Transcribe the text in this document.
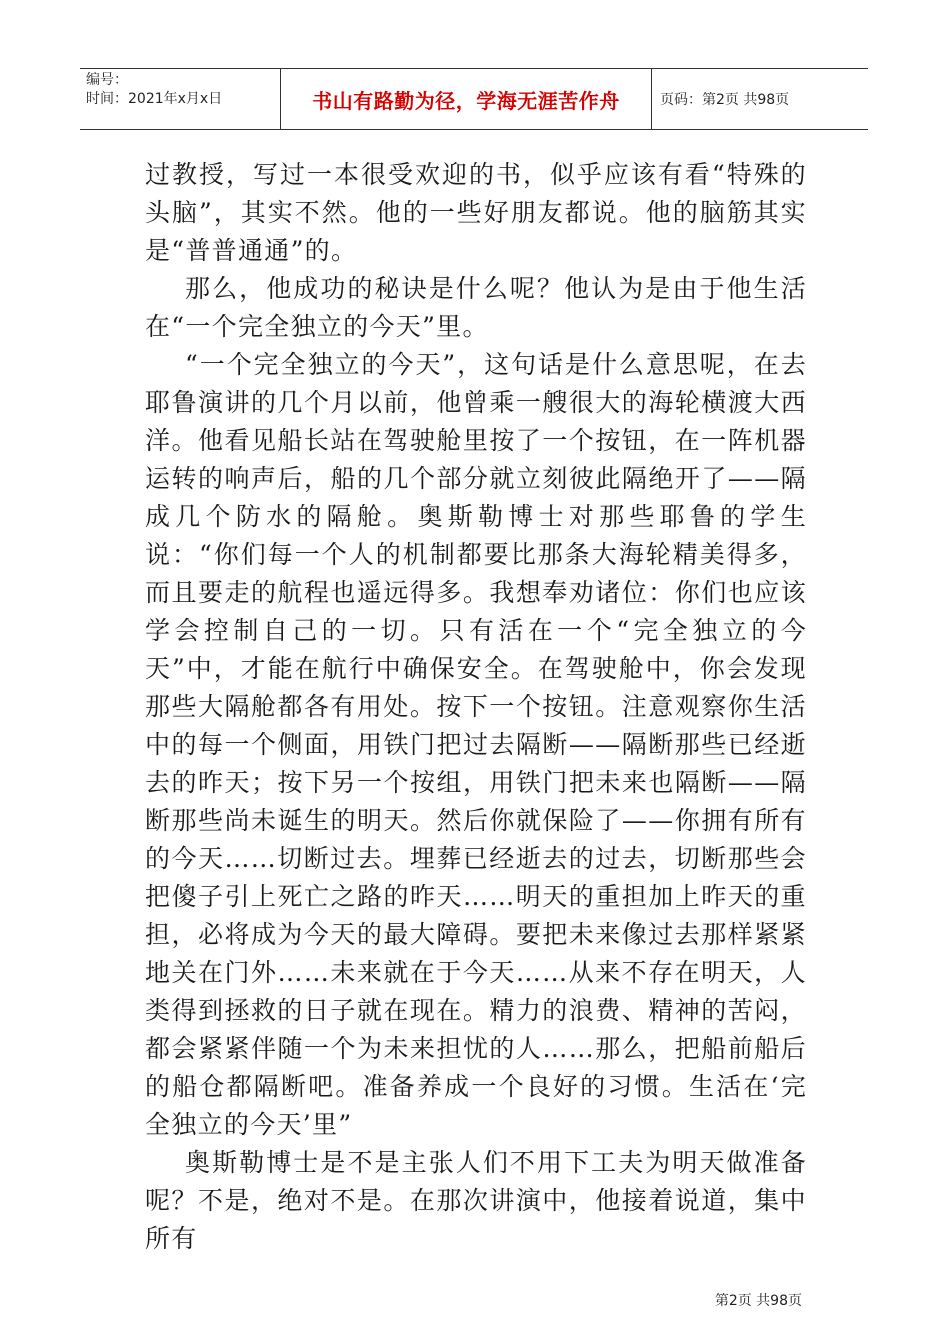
编号：
时间：2021年x月x日	书山有路勤为径，学海无涯苦作舟	页码：第2页 共98页

过教授，写过一本很受欢迎的书，似乎应该有看“特殊的头脑”，其实不然。他的一些好朋友都说。他的脑筋其实是“普普通通”的。

那么，他成功的秘诀是什么呢？他认为是由于他生活在“一个完全独立的今天”里。

“一个完全独立的今天”，这句话是什么意思呢，在去耶鲁演讲的几个月以前，他曾乘一艘很大的海轮横渡大西洋。他看见船长站在驾驶舱里按了一个按钮，在一阵机器运转的响声后，船的几个部分就立刻彼此隔绝开了——隔成几个防水的隔舱。奥斯勒博士对那些耶鲁的学生说：“你们每一个人的机制都要比那条大海轮精美得多，而且要走的航程也遥远得多。我想奉劝诸位：你们也应该学会控制自己的一切。只有活在一个“完全独立的今天”中，才能在航行中确保安全。在驾驶舱中，你会发现那些大隔舱都各有用处。按下一个按钮。注意观察你生活中的每一个侧面，用铁门把过去隔断——隔断那些已经逝去的昨天；按下另一个按组，用铁门把未来也隔断——隔断那些尚未诞生的明天。然后你就保险了——你拥有所有的今天……切断过去。埋葬已经逝去的过去，切断那些会把傻子引上死亡之路的昨天……明天的重担加上昨天的重担，必将成为今天的最大障碍。要把未来像过去那样紧紧地关在门外……未来就在于今天……从来不存在明天，人类得到拯救的日子就在现在。精力的浪费、精神的苦闷，都会紧紧伴随一个为未来担忧的人……那么，把船前船后的船仓都隔断吧。准备养成一个良好的习惯。生活在‘完全独立的今天’里”

奥斯勒博士是不是主张人们不用下工夫为明天做准备呢？不是，绝对不是。在那次讲演中，他接着说道，集中所有

第2页 共98页
